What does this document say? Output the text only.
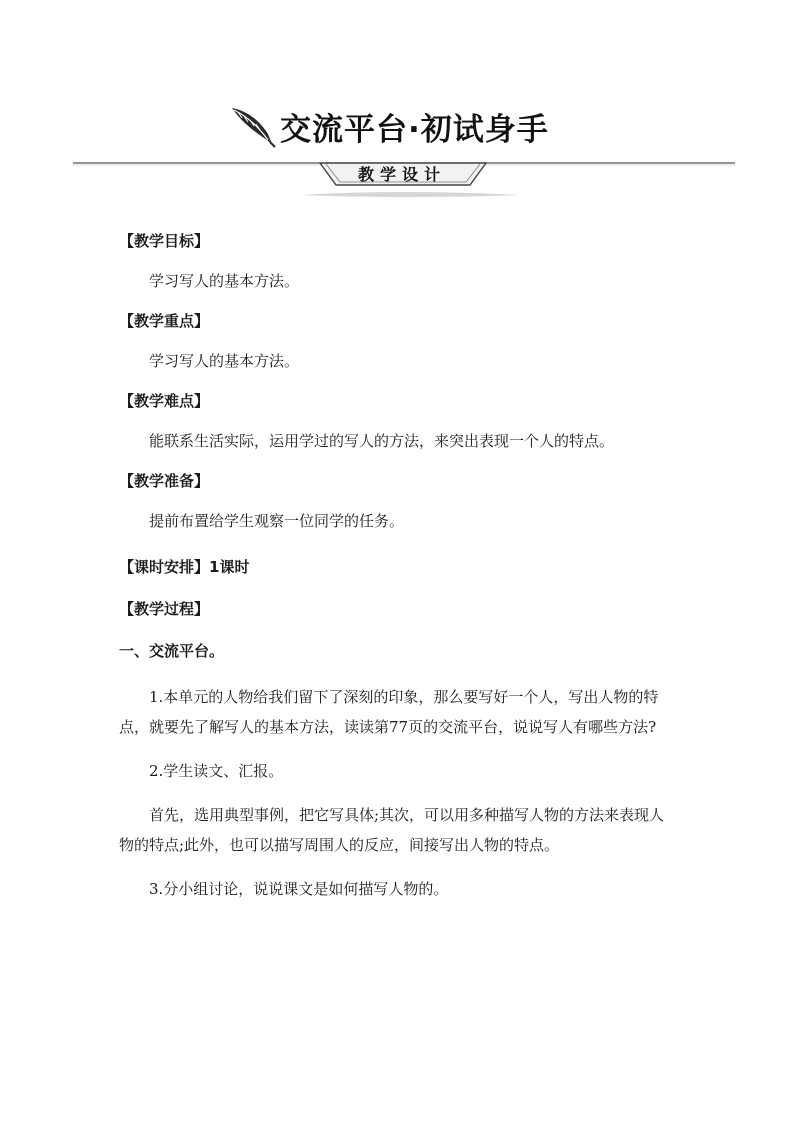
交流平台·初试身手
教学设计

【教学目标】

学习写人的基本方法。

【教学重点】

学习写人的基本方法。

【教学难点】

能联系生活实际，运用学过的写人的方法，来突出表现一个人的特点。

【教学准备】

提前布置给学生观察一位同学的任务。

【课时安排】1课时

【教学过程】

一、交流平台。

1.本单元的人物给我们留下了深刻的印象，那么要写好一个人，写出人物的特点，就要先了解写人的基本方法，读读第77页的交流平台，说说写人有哪些方法?

2.学生读文、汇报。

首先，选用典型事例，把它写具体;其次，可以用多种描写人物的方法来表现人物的特点;此外，也可以描写周围人的反应，间接写出人物的特点。

3.分小组讨论，说说课文是如何描写人物的。
